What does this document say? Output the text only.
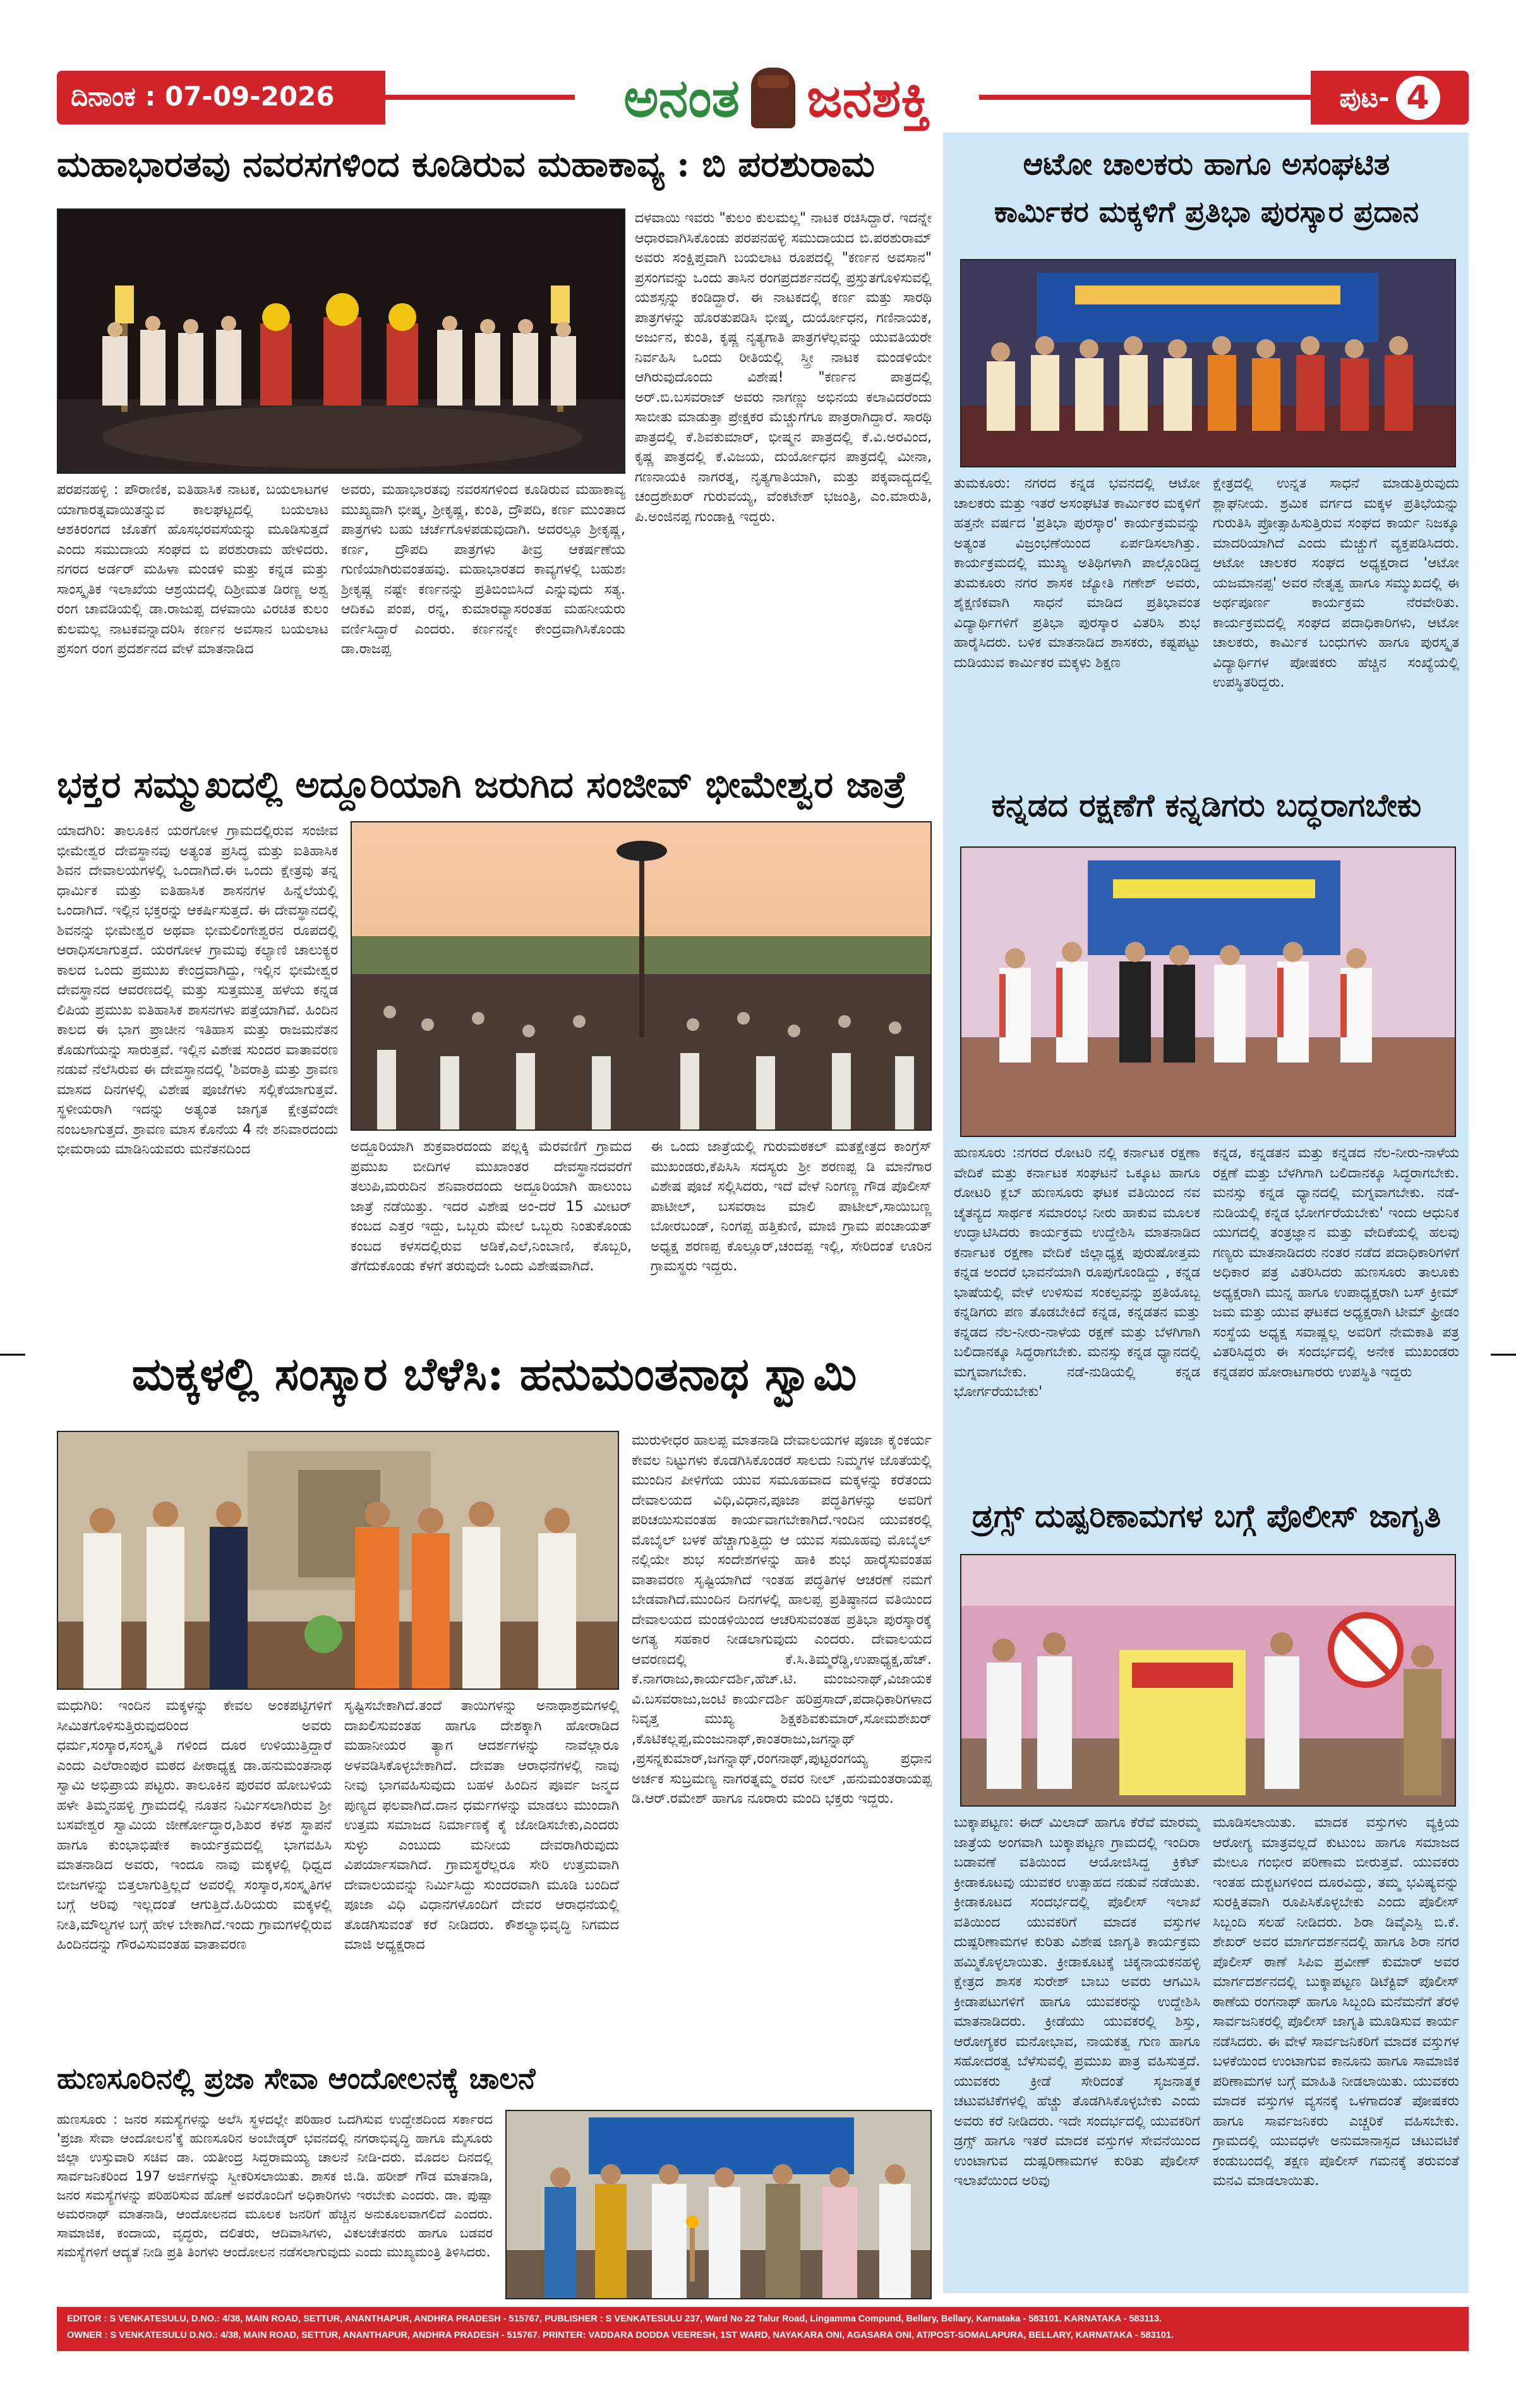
ದಿನಾಂಕ : 07-09-2026	ಅನಂತ ಜನಶಕ್ತಿ	ಪುಟ- 4
ಮಹಾಭಾರತವು ನವರಸಗಳಿಂದ ಕೂಡಿರುವ ಮಹಾಕಾವ್ಯ : ಬಿ ಪರಶುರಾಮ
ಪರಪನಹಳ್ಳಿ : ಪೌರಾಣಿಕ, ಐತಿಹಾಸಿಕ ನಾಟಕ, ಬಯಲಾಟಗಳ ಯಾಗಾರತ್ನವಾಯಿತನ್ನುವ ಕಾಲಘಟ್ಟದಲ್ಲಿ ಬಯಲಾಟ ಆಶಕಿರಂಗದ ಜೊತೆಗೆ ಹೊಸಭರವಸೆಯನ್ನು ಮೂಡಿಸುತ್ತದೆ ಎಂದು ಸಮುದಾಯ ಸಂಘದ ಬಿ ಪರಶುರಾಮ ಹೇಳಿದರು. ನಗರದ ಅರ್ಡರ್ ಮಹಿಳಾ ಮಂಡಳಿ ಮತ್ತು ಕನ್ನಡ ಮತ್ತು ಸಾಂಸ್ಕೃತಿಕ ಇಲಾಖೆಯ ಆಶ್ರಯದಲ್ಲಿ ದಿಶ್ರೀಮತ ಡಿರಣ್ಣ ಅಶ್ವ ರಂಗ ಚಾವಡಿಯಲ್ಲಿ ಡಾ.ರಾಜುಪ್ಪ ದಳವಾಯಿ ವಿರಚಿತ ಕುಲಂ ಕುಲಮಲ್ಲ ನಾಟಕವನ್ನಾದರಿಸಿ ಕರ್ಣನ ಅವಸಾನ ಬಯಲಾಟ ಪ್ರಸಂಗ ರಂಗ ಪ್ರದರ್ಶನದ ವೇಳೆ ಮಾತನಾಡಿದ
ಅವರು, ಮಹಾಭಾರತವು ನವರಸಗಳಿಂದ ಕೂಡಿರುವ ಮಹಾಕಾವ್ಯ ಮುಖ್ಯವಾಗಿ ಭೀಷ್ಮ, ಶ್ರೀಕೃಷ್ಣ, ಕುಂತಿ, ದ್ರೌಪದಿ, ಕರ್ಣ ಮುಂತಾದ ಪಾತ್ರಗಳು ಬಹು ಚರ್ಚೆಗೊಳಪಡುವುದಾಗಿ. ಅದರಲ್ಲೂ ಶ್ರೀಕೃಷ್ಣ, ಕರ್ಣ, ದ್ರೌಪದಿ ಪಾತ್ರಗಳು ತೀವ್ರ ಆಕರ್ಷಣೆಯ ಗುಣಿಯಾಗಿರುವಂತಹವು. ಮಹಾಭಾರತದ ಕಾವ್ಯಗಳಲ್ಲಿ ಬಹುಶಃ ಶ್ರೀಕೃಷ್ಣ ನಷ್ಟೇ ಕರ್ಣನನ್ನು ಪ್ರತಿಬಿಂಬಿಸಿದೆ ಎನ್ನುವುದು ಸತ್ಯ. ಆದಿಕವಿ ಪಂಪ, ರನ್ನ, ಕುಮಾರವ್ಯಾಸರಂತಹ ಮಹನೀಯರು ವರ್ಣಿಸಿದ್ದಾರೆ ಎಂದರು. ಕರ್ಣನನ್ನೇ ಕೇಂದ್ರವಾಗಿಸಿಕೊಂಡು ಡಾ.ರಾಜಪ್ಪ
ದಳವಾಯಿ ಇವರು "ಕುಲಂ ಕುಲಮಲ್ಲ" ನಾಟಕ ರಚಿಸಿದ್ದಾರೆ. ಇದನ್ನೇ ಆಧಾರವಾಗಿಸಿಕೊಂಡು ಪರಪನಹಳ್ಳಿ ಸಮುದಾಯದ ಬಿ.ಪರಶುರಾಮ್ ಅವರು ಸಂಕ್ಷಿಪ್ತವಾಗಿ ಬಯಲಾಟ ರೂಪದಲ್ಲಿ "ಕರ್ಣನ ಅವಸಾನ" ಪ್ರಸಂಗವನ್ನು ಒಂದು ತಾಸಿನ ರಂಗಪ್ರದರ್ಶನದಲ್ಲಿ ಪ್ರಸ್ತುತಗೊಳಿಸುವಲ್ಲಿ ಯಶಸ್ಸನ್ನು ಕಂಡಿದ್ದಾರೆ. ಈ ನಾಟಕದಲ್ಲಿ ಕರ್ಣ ಮತ್ತು ಸಾರಥಿ ಪಾತ್ರಗಳನ್ನು ಹೊರತುಪಡಿಸಿ ಭೀಷ್ಮ, ದುರ್ಯೋಧನ, ಗಣಿನಾಯಕ, ಅರ್ಜುನ, ಕುಂತಿ, ಕೃಷ್ಣ ನೃತ್ಯಗಾತಿ ಪಾತ್ರಗಳೆಲ್ಲವನ್ನು ಯುವತಿಯರೇ ನಿರ್ವಹಿಸಿ ಒಂದು ರೀತಿಯಲ್ಲಿ ಸ್ತ್ರೀ ನಾಟಕ ಮಂಡಳಿಯೇ ಆಗಿರುವುದೊಂದು ವಿಶೇಷ! "ಕರ್ಣನ ಪಾತ್ರದಲ್ಲಿ ಅರ್.ಬಿ.ಬಸವರಾಜ್ ಅವರು ನಾಗಣ್ಣು ಅಭಿನಯ ಕಲಾವಿದರೆಂದು ಸಾಬೀತು ಮಾಡುತ್ತಾ ಪ್ರೇಕ್ಷಕರ ಮೆಚ್ಚುಗೆಗೂ ಪಾತ್ರರಾಗಿದ್ದಾರೆ. ಸಾರಥಿ ಪಾತ್ರದಲ್ಲಿ ಕೆ.ಶಿವಕುಮಾರ್, ಭೀಷ್ಮನ ಪಾತ್ರದಲ್ಲಿ ಕೆ.ವಿ.ಅರವಿಂದ, ಕೃಷ್ಣ ಪಾತ್ರದಲ್ಲಿ ಕೆ.ವಿಜಯ, ದುರ್ಯೋಧನ ಪಾತ್ರದಲ್ಲಿ ಮೀನಾ, ಗಣನಾಯಕಿ ನಾಗರತ್ನ, ನೃತ್ಯಗಾತಿಯಾಗಿ, ಮತ್ತು ಪಕ್ಕವಾದ್ಯದಲ್ಲಿ ಚಂದ್ರಶೇಖರ್ ಗುರುವಯ್ಯ, ವೆಂಕಟೇಶ್ ಭಜಂತ್ರಿ, ಎಂ.ಮಾರುತಿ, ಪಿ.ಅಂಜಿನಪ್ಪ ಗುಂಡಾಕ್ಷಿ ಇದ್ದರು.
ಆಟೋ ಚಾಲಕರು ಹಾಗೂ ಅಸಂಘಟಿತ
ಕಾರ್ಮಿಕರ ಮಕ್ಕಳಿಗೆ ಪ್ರತಿಭಾ ಪುರಸ್ಕಾರ ಪ್ರದಾನ
ತುಮಕೂರು: ನಗರದ ಕನ್ನಡ ಭವನದಲ್ಲಿ ಆಟೋ ಚಾಲಕರು ಮತ್ತು ಇತರೆ ಅಸಂಘಟಿತ ಕಾರ್ಮಿಕರ ಮಕ್ಕಳಿಗೆ ಹತ್ತನೇ ವರ್ಷದ 'ಪ್ರತಿಭಾ ಪುರಸ್ಕಾರ' ಕಾರ್ಯಕ್ರಮವನ್ನು ಅತ್ಯಂತ ವಿಜ್ರಂಭಣೆಯಿಂದ ಏರ್ಪಡಿಸಲಾಗಿತ್ತು. ಕಾರ್ಯಕ್ರಮದಲ್ಲಿ ಮುಖ್ಯ ಅತಿಥಿಗಳಾಗಿ ಪಾಲ್ಗೊಂಡಿದ್ದ ತುಮಕೂರು ನಗರ ಶಾಸಕ ಜ್ಯೋತಿ ಗಣೇಶ್ ಅವರು, ಶೈಕ್ಷಣಿಕವಾಗಿ ಸಾಧನೆ ಮಾಡಿದ ಪ್ರತಿಭಾವಂತ ವಿದ್ಯಾರ್ಥಿಗಳಿಗೆ ಪ್ರತಿಭಾ ಪುರಸ್ಕಾರ ವಿತರಿಸಿ ಶುಭ ಹಾರೈಸಿದರು. ಬಳಿಕ ಮಾತನಾಡಿದ ಶಾಸಕರು, ಕಷ್ಟಪಟ್ಟು ದುಡಿಯುವ ಕಾರ್ಮಿಕರ ಮಕ್ಕಳು ಶಿಕ್ಷಣ
ಕ್ಷೇತ್ರದಲ್ಲಿ ಉನ್ನತ ಸಾಧನೆ ಮಾಡುತ್ತಿರುವುದು ಶ್ಲಾಘನೀಯ. ಶ್ರಮಿಕ ವರ್ಗದ ಮಕ್ಕಳ ಪ್ರತಿಭೆಯನ್ನು ಗುರುತಿಸಿ ಪ್ರೋತ್ಸಾಹಿಸುತ್ತಿರುವ ಸಂಘದ ಕಾರ್ಯ ನಿಜಕ್ಕೂ ಮಾದರಿಯಾಗಿದೆ ಎಂದು ಮೆಚ್ಚುಗೆ ವ್ಯಕ್ತಪಡಿಸಿದರು. ಆಟೋ ಚಾಲಕರ ಸಂಘದ ಅಧ್ಯಕ್ಷರಾದ 'ಆಟೋ ಯಜಮಾನಪ್ಪ' ಅವರ ನೇತೃತ್ವ ಹಾಗೂ ಸಮ್ಮುಖದಲ್ಲಿ ಈ ಅರ್ಥಪೂರ್ಣ ಕಾರ್ಯಕ್ರಮ ನೆರವೇರಿತು. ಕಾರ್ಯಕ್ರಮದಲ್ಲಿ ಸಂಘದ ಪದಾಧಿಕಾರಿಗಳು, ಆಟೋ ಚಾಲಕರು, ಕಾರ್ಮಿಕ ಬಂಧುಗಳು ಹಾಗೂ ಪುರಸ್ಕೃತ ವಿದ್ಯಾರ್ಥಿಗಳ ಪೋಷಕರು ಹೆಚ್ಚಿನ ಸಂಖ್ಯೆಯಲ್ಲಿ ಉಪಸ್ಥಿತರಿದ್ದರು.
ಭಕ್ತರ ಸಮ್ಮುಖದಲ್ಲಿ ಅದ್ದೂರಿಯಾಗಿ ಜರುಗಿದ ಸಂಜೀವ್ ಭೀಮೇಶ್ವರ ಜಾತ್ರೆ
ಯಾದಗಿರಿ: ತಾಲೂಕಿನ ಯರಗೋಳ ಗ್ರಾಮದಲ್ಲಿರುವ ಸಂಜೀವ ಭೀಮೇಶ್ವರ ದೇವಸ್ಥಾನವು ಅತ್ಯಂತ ಪ್ರಸಿದ್ಧ ಮತ್ತು ಐತಿಹಾಸಿಕ ಶಿವನ ದೇವಾಲಯಗಳಲ್ಲಿ ಒಂದಾಗಿದೆ.ಈ ಒಂದು ಕ್ಷೇತ್ರವು ತನ್ನ ಧಾರ್ಮಿಕ ಮತ್ತು ಐತಿಹಾಸಿಕ ಶಾಸನಗಳ ಹಿನ್ನೆಲೆಯಲ್ಲಿ ಒಂದಾಗಿದೆ. ಇಲ್ಲಿನ ಭಕ್ತರನ್ನು ಆಕರ್ಷಿಸುತ್ತದೆ. ಈ ದೇವಸ್ಥಾನದಲ್ಲಿ ಶಿವನನ್ನು ಭೀಮೇಶ್ವರ ಅಥವಾ ಭೀಮಲಿಂಗೇಶ್ವರನ ರೂಪದಲ್ಲಿ ಆರಾಧಿಸಲಾಗುತ್ತದೆ. ಯರಗೋಳ ಗ್ರಾಮವು ಕಲ್ಯಾಣಿ ಚಾಲುಕ್ಯರ ಕಾಲದ ಒಂದು ಪ್ರಮುಖ ಕೇಂದ್ರವಾಗಿದ್ದು, ಇಲ್ಲಿನ ಭೀಮೇಶ್ವರ ದೇವಸ್ಥಾನದ ಆವರಣದಲ್ಲಿ ಮತ್ತು ಸುತ್ತಮುತ್ತ ಹಳೆಯ ಕನ್ನಡ ಲಿಪಿಯ ಪ್ರಮುಖ ಐತಿಹಾಸಿಕ ಶಾಸನಗಳು ಪತ್ತೆಯಾಗಿವೆ. ಹಿಂದಿನ ಕಾಲದ ಈ ಭಾಗ ಪ್ರಾಚೀನ ಇತಿಹಾಸ ಮತ್ತು ರಾಜಮನೆತನ ಕೊಡುಗೆಯನ್ನು ಸಾರುತ್ತವೆ. ಇಲ್ಲಿನ ವಿಶೇಷ ಸುಂದರ ವಾತಾವರಣ ನಡುವೆ ನೆಲೆಸಿರುವ ಈ ದೇವಸ್ಥಾನದಲ್ಲಿ 'ಶಿವರಾತ್ರಿ ಮತ್ತು ಶ್ರಾವಣ ಮಾಸದ ದಿನಗಳಲ್ಲಿ ವಿಶೇಷ ಪೂಜೆಗಳು ಸಲ್ಲಿಕೆಯಾಗುತ್ತವೆ. ಸ್ಥಳೀಯರಾಗಿ ಇದನ್ನು ಅತ್ಯಂತ ಜಾಗೃತ ಕ್ಷೇತ್ರವೆಂದೇ ನಂಬಲಾಗುತ್ತದೆ. ಶ್ರಾವಣ ಮಾಸ ಕೊನೆಯ 4 ನೇ ಶನಿವಾರದಂದು ಭೀಮರಾಯ ಮಾಡಿನಿಯವರು ಮನೆತನದಿಂದ	ಅದ್ದೂರಿಯಾಗಿ ಶುಕ್ರವಾರದಂದು ಪಲ್ಲಕ್ಕಿ ಮೆರವಣಿಗೆ ಗ್ರಾಮದ ಪ್ರಮುಖ ಬೀದಿಗಳ ಮುಖಾಂತರ ದೇವಸ್ಥಾನದವರೆಗೆ ತಲುಪಿ,ಮರುದಿನ ಶನಿವಾರದಂದು ಅದ್ದೂರಿಯಾಗಿ ಹಾಲುಂಬ ಜಾತ್ರೆ ನಡೆಯಿತ್ತು. ಇದರ ವಿಶೇಷ ಅಂ-ದರೆ 15 ಮೀಟರ್ ಕಂಬದ ಎತ್ತರ ಇದ್ದು, ಒಬ್ಬರು ಮೇಲೆ ಒಬ್ಬರು ನಿಂತುಕೊಂಡು ಕಂಬದ ಕಳಸದಲ್ಲಿರುವ ಅಡಿಕೆ,ಎಲೆ,ನಿಂಬಾಣಿ, ಕೊಬ್ಬರಿ, ತೆಗೆದುಕೊಂಡು ಕೆಳಗೆ ತರುವುದೇ ಒಂದು ವಿಶೇಷವಾಗಿದೆ.
ಈ ಒಂದು ಜಾತ್ರೆಯಲ್ಲಿ ಗುರುಮಠಕಲ್ ಮತಕ್ಷೇತ್ರದ ಕಾಂಗ್ರೆಸ್ ಮುಖಂಡರು,ಕೆಪಿಸಿಸಿ ಸದಸ್ಯರು ಶ್ರೀ ಶರಣಪ್ಪ ಡಿ ಮಾನೆಗಾರ ವಿಶೇಷ ಪೂಜೆ ಸಲ್ಲಿಸಿದರು, ಇದೆ ವೇಳೆ ನಿಂಗಣ್ಣ ಗೌಡ ಪೊಲೀಸ್ ಪಾಟೀಲ್, ಬಸವರಾಜ ಮಾಲಿ ಪಾಟೀಲ್,ಸಾಯಿಬಣ್ಣ ಬೋರಬಂಡ್, ನಿಂಗಪ್ಪ ಹತ್ತಿಕುಣಿ, ಮಾಜಿ ಗ್ರಾಮ ಪಂಚಾಯತ್ ಅಧ್ಯಕ್ಷ ಶರಣಪ್ಪ ಕೊಲ್ಲೂರ್,ಚಂದಪ್ಪ ಇಲ್ಲಿ, ಸೇರಿದಂತೆ ಊರಿನ ಗ್ರಾಮಸ್ಥರು ಇದ್ದರು.
ಕನ್ನಡದ ರಕ್ಷಣೆಗೆ ಕನ್ನಡಿಗರು ಬದ್ಧರಾಗಬೇಕು
ಹುಣಸೂರು :ನಗರದ ರೋಟರಿ ನಲ್ಲಿ ಕರ್ನಾಟಕ ರಕ್ಷಣಾ ವೇದಿಕೆ ಮತ್ತು ಕರ್ನಾಟಕ ಸಂಘಟನೆ ಒಕ್ಕೂಟ ಹಾಗೂ ರೋಟರಿ ಕ್ಲಬ್ ಹುಣಸೂರು ಘಟಕ ವತಿಯಿಂದ ನವ ಚೈತನ್ಯದ ಸಾರ್ಥಕ ಸಮಾರಂಭ ನೀರು ಹಾಕುವ ಮೂಲಕ ಉದ್ಘಾಟಿಸಿದರು ಕಾರ್ಯಕ್ರಮ ಉದ್ದೇಶಿಸಿ ಮಾತನಾಡಿದ ಕರ್ನಾಟಕ ರಕ್ಷಣಾ ವೇದಿಕೆ ಜಿಲ್ಲಾಧ್ಯಕ್ಷ ಪುರುಷೋತ್ತಮ ಕನ್ನಡ ಅಂದರೆ ಭಾವನೆಯಾಗಿ ರೂಪುಗೊಂಡಿದ್ದು , ಕನ್ನಡ ಭಾಷೆಯಲ್ಲಿ ವೇಳೆ ಉಳಿಸುವ ಸಂಕಲ್ಪವನ್ನು ಪ್ರತಿಯೊಬ್ಬ ಕನ್ನಡಿಗರು ಪಣ ತೊಡಬೇಕಿದೆ ಕನ್ನಡ, ಕನ್ನಡತನ ಮತ್ತು ಕನ್ನಡದ ನೆಲ-ನೀರು-ನಾಳೆಯ ರಕ್ಷಣೆ ಮತ್ತು ಬೆಳಗಿಗಾಗಿ ಬಲಿದಾನಕ್ಕೂ ಸಿದ್ಧರಾಗಬೇಕು. ಮನಸ್ಸು ಕನ್ನಡ ಧ್ಯಾನದಲ್ಲಿ ಮಗ್ನವಾಗಬೇಕು. ನಡೆ-ನುಡಿಯಲ್ಲಿ ಕನ್ನಡ ಭೋರ್ಗರೆಯಬೇಕು'
ಕನ್ನಡ, ಕನ್ನಡತನ ಮತ್ತು ಕನ್ನಡದ ನೆಲ-ನೀರು-ನಾಳೆಯ ರಕ್ಷಣೆ ಮತ್ತು ಬೆಳಗಿಗಾಗಿ ಬಲಿದಾನಕ್ಕೂ ಸಿದ್ಧರಾಗಬೇಕು. ಮನಸ್ಸು ಕನ್ನಡ ಧ್ಯಾನದಲ್ಲಿ ಮಗ್ನವಾಗಬೇಕು. ನಡೆ-ನುಡಿಯಲ್ಲಿ ಕನ್ನಡ ಭೋರ್ಗರೆಯಬೇಕು' ಇಂದು ಆಧುನಿಕ ಯುಗದಲ್ಲಿ ತಂತ್ರಜ್ಞಾನ ಮತ್ತು ವೇದಿಕೆಯಲ್ಲಿ ಹಲವು ಗಣ್ಯರು ಮಾತನಾಡಿದರು ನಂತರ ನಡೆದ ಪದಾಧಿಕಾರಿಗಳಿಗೆ ಅಧಿಕಾರ ಪತ್ರ ವಿತರಿಸಿದರು ಹುಣಸೂರು ತಾಲೂಕು ಅಧ್ಯಕ್ಷರಾಗಿ ಮುನ್ನ ಹಾಗೂ ಉಪಾಧ್ಯಕ್ಷರಾಗಿ ಬಸ್ ಕ್ರೀಮ್ ಜಮ ಮತ್ತು ಯುವ ಘಟಕದ ಅಧ್ಯಕ್ಷರಾಗಿ ಟೀಮ್ ಫ್ರೀಡಂ ಸಂಸ್ಥೆಯ ಅಧ್ಯಕ್ಷ ಸವಾಷ್ಣಲ್ಲ ಅವರಿಗೆ ನೇಮಕಾತಿ ಪತ್ರ ವಿತರಿಸಿದ್ದರು ಈ ಸಂದರ್ಭದಲ್ಲಿ ಅನೇಕ ಮುಖಂಡರು ಕನ್ನಡಪರ ಹೋರಾಟಗಾರರು ಉಪಸ್ಥಿತಿ ಇದ್ದರು
ಮಕ್ಕಳಲ್ಲಿ ಸಂಸ್ಕಾರ ಬೆಳೆಸಿ: ಹನುಮಂತನಾಥ ಸ್ವಾಮಿ
ಮಧುಗಿರಿ: ಇಂದಿನ ಮಕ್ಕಳನ್ನು ಕೇವಲ ಅಂಕಪಟ್ಟಿಗಳಿಗೆ ಸೀಮಿತಗೊಳಿಸುತ್ತಿರುವುದರಿಂದ ಅವರು ಧರ್ಮ,ಸಂಸ್ಕಾರ,ಸಂಸ್ಕೃತಿ ಗಳಿಂದ ದೂರ ಉಳಿಯುತ್ತಿದ್ದಾರೆ ಎಂದು ಎಲೆರಾಂಪುರ ಮಠದ ಪೀಠಾಧ್ಯಕ್ಷ ಡಾ.ಹನುಮಂತನಾಥ ಸ್ವಾಮಿ ಅಭಿಪ್ರಾಯ ಪಟ್ಟರು. ತಾಲೂಕಿನ ಪುರವರ ಹೋಬಳಿಯ ಹಳೇ ತಿಮ್ಮನಹಳ್ಳಿ ಗ್ರಾಮದಲ್ಲಿ ನೂತನ ನಿರ್ಮಿಸಲಾಗಿರುವ ಶ್ರೀ ಬಸವೇಶ್ವರ ಸ್ವಾಮಿಯ ಜೀರ್ಣೋದ್ಧಾರ,ಶಿಖರ ಕಳಶ ಸ್ಥಾಪನೆ ಹಾಗೂ ಕುಂಭಾಭಿಷೇಕ ಕಾರ್ಯಕ್ರಮದಲ್ಲಿ ಭಾಗವಹಿಸಿ ಮಾತನಾಡಿದ ಅವರು, ಇಂದೂ ನಾವು ಮಕ್ಕಳಲ್ಲಿ ಧಿಧ್ವದ ಬೀಜಗಳನ್ನು ಬಿತ್ತಲಾಗುತ್ತಿಲ್ಲದೆ ಅವರಲ್ಲಿ ಸಂಸ್ಕಾರ,ಸಂಸ್ಕೃತಿಗಳ ಬಗ್ಗೆ ಅರಿವು ಇಲ್ಲದಂತೆ ಆಗುತ್ತಿದೆ.ಹಿರಿಯರು ಮಕ್ಕಳಲ್ಲಿ ನೀತಿ,ಮೌಲ್ಯಗಳ ಬಗ್ಗೆ ಹೇಳ ಬೇಕಾಗಿದೆ.ಇಂದು ಗ್ರಾಮಗಳಲ್ಲಿರುವ ಹಿಂದಿನದನ್ನು ಗೌರವಿಸುವಂತಹ ವಾತಾವರಣ
ಸೃಷ್ಟಿಸಬೇಕಾಗಿದೆ.ತಂದೆ ತಾಯಿಗಳನ್ನು ಅನಾಥಾಶ್ರಮಗಳಲ್ಲಿ ದಾಖಲಿಸುವಂತಹ ಹಾಗೂ ದೇಶಕ್ಕಾಗಿ ಹೋರಾಡಿದ ಮಹಾನೀಯರ ತ್ಯಾಗ ಆದರ್ಶಗಳನ್ನು ನಾವೆಲ್ಲಾರೂ ಅಳವಡಿಸಿಕೊಳ್ಳಬೇಕಾಗಿದೆ. ದೇವತಾ ಆರಾಧನೆಗಳಲ್ಲಿ ನಾವು ನೀವು ಭಾಗವಹಿಸುವುದು ಬಹಳ ಹಿಂದಿನ ಪೂರ್ವ ಜನ್ಮದ ಪುಣ್ಯದ ಫಲವಾಗಿದೆ.ದಾನ ಧರ್ಮಗಳನ್ನು ಮಾಡಲು ಮುಂದಾಗಿ ಉತ್ತಮ ಸಮಾಜದ ನಿರ್ಮಾಣಕ್ಕೆ ಕೈ ಜೋಡಿಸಬೇಕು,ಎಂದರು ಸುಳ್ಳು ಎಂಬುದು ಮನೀಯ ದೇವರಾಗಿರುವುದು ವಿಪರ್ಯಾಸವಾಗಿದೆ. ಗ್ರಾಮಸ್ಥರೆಲ್ಲರೂ ಸೇರಿ ಉತ್ತಮವಾಗಿ ದೇವಾಲಯವನ್ನು ನಿರ್ಮಿಸಿದ್ದು ಸುಂದರವಾಗಿ ಮೂಡಿ ಬಂದಿದೆ ಪೂಜಾ ವಿಧಿ ವಿಧಾನಗಳೊಂದಿಗೆ ದೇವರ ಆರಾಧನೆಯಲ್ಲಿ ತೊಡಗಿಸುವಂತೆ ಕರೆ ನೀಡಿದರು. ಕೌಶಲ್ಯಾಭಿವೃದ್ಧಿ ನಿಗಮದ ಮಾಜಿ ಅಧ್ಯಕ್ಷರಾದ
ಮುರುಳೀಧರ ಹಾಲಪ್ಪ ಮಾತನಾಡಿ ದೇವಾಲಯಗಳ ಪೂಜಾ ಕೈಂಕರ್ಯ ಕೇವಲ ನಿಟ್ಟುಗಳು ಕೊಡಗಿಸಿಕೊಂಡರೆ ಸಾಲದು ನಿಮ್ಮಗಳ ಜೊತೆಯಲ್ಲಿ ಮುಂದಿನ ಪೀಳಿಗೆಯ ಯುವ ಸಮೂಹವಾದ ಮಕ್ಕಳನ್ನು ಕರೆತಂದು ದೇವಾಲಯದ ವಿಧಿ,ವಿಧಾನ,ಪೂಜಾ ಪದ್ಧತಿಗಳನ್ನು ಅವರಿಗೆ ಪರಿಚಯಿಸುವಂತಹ ಕಾರ್ಯವಾಗಬೇಕಾಗಿದೆ.ಇಂದಿನ ಯುವಕರಲ್ಲಿ ಮೊಬೈಲ್ ಬಳಕೆ ಹೆಚ್ಚಾಗುತ್ತಿದ್ದು ಆ ಯುವ ಸಮೂಹವು ಮೊಬೈಲ್ ನಲ್ಲಿಯೇ ಶುಭ ಸಂದೇಶಗಳನ್ನು ಹಾಕಿ ಶುಭ ಹಾರೈಸುವಂತಹ ವಾತಾವರಣ ಸೃಷ್ಟಿಯಾಗಿದೆ ಇಂತಹ ಪದ್ಧತಿಗಳ ಆಚರಣೆ ನಮಗೆ ಬೇಡವಾಗಿದೆ.ಮುಂದಿನ ದಿನಗಳಲ್ಲಿ ಹಾಲಪ್ಪ ಪ್ರತಿಷ್ಠಾನದ ವತಿಯಿಂದ ದೇವಾಲಯದ ಮಂಡಳಿಯಿಂದ ಆಚರಿಸುವಂತಹ ಪ್ರತಿಭಾ ಪುರಸ್ಕಾರಕ್ಕೆ ಅಗತ್ಯ ಸಹಕಾರ ನೀಡಲಾಗುವುದು ಎಂದರು. ದೇವಾಲಯದ ಆವರಣದಲ್ಲಿ ಕೆ.ಸಿ.ತಿಮ್ಮರೆಡ್ಡಿ,ಉಪಾಧ್ಯಕ್ಷ,ಹೆಚ್. ಕೆ.ನಾಗರಾಜು,ಕಾರ್ಯದರ್ಶಿ,ಹೆಚ್.ಟಿ. ಮಂಜುನಾಥ್,ವಿಜಾಯಕ ವಿ.ಬಸವರಾಜು,ಜಂಟಿ ಕಾರ್ಯದರ್ಶಿ ಹರಿಪ್ರಸಾದ್,ಪದಾಧಿಕಾರಿಗಳಾದ ನಿವೃತ್ತ ಮುಖ್ಯ ಶಿಕ್ಷಕಶಿವಕುಮಾರ್,ಸೋಮಶೇಖರ್ ,ಕೊಟಿಕಲ್ಲಪ್ಪ,ಮಂಜುನಾಥ್,ಕಾಂತರಾಜು,ಜಗನ್ನಾಥ್ ,ಪ್ರಸನ್ನಕುಮಾರ್,ಜಗನ್ನಾಥ್,ರಂಗನಾಥ್,ಪುಟ್ಟರಂಗಯ್ಯ ಪ್ರಧಾನ ಅರ್ಚಕ ಸುಬ್ರಮಣ್ಯ ನಾಗರತ್ನಮ್ಮ ರವರ ನೀಲ್ ,ಹನುಮಂತರಾಯಪ್ಪ ಡಿ.ಆರ್.ರಮೇಶ್ ಹಾಗೂ ನೂರಾರು ಮಂದಿ ಭಕ್ತರು ಇದ್ದರು.
ಡ್ರಗ್ಸ್ ದುಷ್ಪರಿಣಾಮಗಳ ಬಗ್ಗೆ ಪೊಲೀಸ್ ಜಾಗೃತಿ
ಬುಕ್ಕಾಪಟ್ಟಣ: ಈದ್ ಮಿಲಾದ್ ಹಾಗೂ ಕೆರೆವೆ ಮಾರಮ್ಮ ಜಾತ್ರೆಯ ಅಂಗವಾಗಿ ಬುಕ್ಕಾಪಟ್ಟಣ ಗ್ರಾಮದಲ್ಲಿ ಇಂದಿರಾ ಬಡಾವಣೆ ವತಿಯಿಂದ ಆಯೋಜಿಸಿದ್ದ ಕ್ರಿಕೆಟ್ ಕ್ರೀಡಾಕೂಟವು ಯುವಕರ ಉತ್ಸಾಹದ ನಡುವೆ ನಡೆಯಿತು. ಕ್ರೀಡಾಕೂಟದ ಸಂದರ್ಭದಲ್ಲಿ ಪೊಲೀಸ್ ಇಲಾಖೆ ವತಿಯಿಂದ ಯುವಕರಿಗೆ ಮಾದಕ ವಸ್ತುಗಳ ದುಷ್ಪರಿಣಾಮಗಳ ಕುರಿತು ವಿಶೇಷ ಜಾಗೃತಿ ಕಾರ್ಯಕ್ರಮ ಹಮ್ಮಿಕೊಳ್ಳಲಾಯಿತು. ಕ್ರೀಡಾಕೂಟಕ್ಕೆ ಚಿಕ್ಕನಾಯಕನಹಳ್ಳಿ ಕ್ಷೇತ್ರದ ಶಾಸಕ ಸುರೇಶ್ ಬಾಬು ಅವರು ಆಗಮಿಸಿ ಕ್ರೀಡಾಪಟುಗಳಿಗೆ ಹಾಗೂ ಯುವಕರನ್ನು ಉದ್ದೇಶಿಸಿ ಮಾತನಾಡಿದರು. ಕ್ರೀಡೆಯು ಯುವಕರಲ್ಲಿ ಶಿಸ್ತು, ಆರೋಗ್ಯಕರ ಮನೋಭಾವ, ನಾಯಕತ್ವ ಗುಣ ಹಾಗೂ ಸಹೋದರತ್ವ ಬೆಳೆಸುವಲ್ಲಿ ಪ್ರಮುಖ ಪಾತ್ರ ವಹಿಸುತ್ತದೆ. ಯುವಕರು ಕ್ರೀಡೆ ಸೇರಿದಂತೆ ಸೃಜನಾತ್ಮಕ ಚಟುವಟಿಕೆಗಳಲ್ಲಿ ಹೆಚ್ಚು ತೊಡಗಿಸಿಕೊಳ್ಳಬೇಕು ಎಂದು ಅವರು ಕರೆ ನೀಡಿದರು. ಇದೇ ಸಂದರ್ಭದಲ್ಲಿ ಯುವಕರಿಗೆ ಡ್ರಗ್ಸ್ ಹಾಗೂ ಇತರೆ ಮಾದಕ ವಸ್ತುಗಳ ಸೇವನೆಯಿಂದ ಉಂಟಾಗುವ ದುಷ್ಪರಿಣಾಮಗಳ ಕುರಿತು ಪೊಲೀಸ್ ಇಲಾಖೆಯಿಂದ ಅರಿವು
ಮೂಡಿಸಲಾಯಿತು. ಮಾದಕ ವಸ್ತುಗಳು ವ್ಯಕ್ತಿಯ ಆರೋಗ್ಯ ಮಾತ್ರವಲ್ಲದೆ ಕುಟುಂಬ ಹಾಗೂ ಸಮಾಜದ ಮೇಲೂ ಗಂಭೀರ ಪರಿಣಾಮ ಬೀರುತ್ತವೆ. ಯುವಕರು ಇಂತಹ ದುಶ್ಚಟಗಳಿಂದ ದೂರವಿದ್ದು, ತಮ್ಮ ಭವಿಷ್ಯವನ್ನು ಸುರಕ್ಷಿತವಾಗಿ ರೂಪಿಸಿಕೊಳ್ಳಬೇಕು ಎಂದು ಪೊಲೀಸ್ ಸಿಬ್ಬಂದಿ ಸಲಹೆ ನೀಡಿದರು. ಶಿರಾ ಡಿವೈಎಸ್ಪಿ ಬಿ.ಕೆ. ಶೇಖರ್ ಅವರ ಮಾರ್ಗದರ್ಶನದಲ್ಲಿ ಹಾಗೂ ಶಿರಾ ನಗರ ಪೊಲೀಸ್ ಠಾಣೆ ಸಿಪಿಐ ಪ್ರವೀಣ್ ಕುಮಾರ್ ಅವರ ಮಾರ್ಗದರ್ಶನದಲ್ಲಿ ಬುಕ್ಕಾಪಟ್ಟಣ ಡಿಟೆಕ್ಟಿವ್ ಪೊಲೀಸ್ ಠಾಣೆಯ ರಂಗನಾಥ್ ಹಾಗೂ ಸಿಬ್ಬಂದಿ ಮನೆಮನೆಗೆ ತೆರಳಿ ಸಾರ್ವಜನಿಕರಲ್ಲಿ ಪೊಲೀಸ್ ಜಾಗೃತಿ ಮೂಡಿಸುವ ಕಾರ್ಯ ನಡೆಸಿದರು. ಈ ವೇಳೆ ಸಾರ್ವಜನಿಕರಿಗೆ ಮಾದಕ ವಸ್ತುಗಳ ಬಳಕೆಯಿಂದ ಉಂಟಾಗುವ ಕಾನೂನು ಹಾಗೂ ಸಾಮಾಜಿಕ ಪರಿಣಾಮಗಳ ಬಗ್ಗೆ ಮಾಹಿತಿ ನೀಡಲಾಯಿತು. ಯುವಕರು ಮಾದಕ ವಸ್ತುಗಳ ವ್ಯಸನಕ್ಕೆ ಒಳಗಾದಂತೆ ಪೋಷಕರು ಹಾಗೂ ಸಾರ್ವಜನಿಕರು ಎಚ್ಚರಿಕೆ ವಹಿಸಬೇಕು. ಗ್ರಾಮದಲ್ಲಿ ಯುವಧಳೇ ಅನುಮಾನಾಸ್ಪದ ಚಟುವಟಿಕೆ ಕಂಡುಬಂದಲ್ಲಿ ತಕ್ಷಣ ಪೊಲೀಸ್ ಗಮನಕ್ಕೆ ತರುವಂತೆ ಮನವಿ ಮಾಡಲಾಯಿತು.
ಹುಣಸೂರಿನಲ್ಲಿ ಪ್ರಜಾ ಸೇವಾ ಆಂದೋಲನಕ್ಕೆ ಚಾಲನೆ
ಹುಣಸೂರು : ಜನರ ಸಮಸ್ಯೆಗಳನ್ನು ಅಲೆಸಿ ಸ್ಥಳದಲ್ಲೇ ಪರಿಹಾರ ಒದಗಿಸುವ ಉದ್ದೇಶದಿಂದ ಸರ್ಕಾರದ 'ಪ್ರಜಾ ಸೇವಾ ಆಂದೋಲನ'ಕ್ಕೆ ಹುಣಸೂರಿನ ಅಂಬೇಡ್ಕರ್ ಭವನದಲ್ಲಿ ನಗರಾಭಿವೃದ್ಧಿ ಹಾಗೂ ಮೈಸೂರು ಜಿಲ್ಲಾ ಉಸ್ತುವಾರಿ ಸಚಿವ ಡಾ. ಯತೀಂದ್ರ ಸಿದ್ದರಾಮಯ್ಯ ಚಾಲನೆ ನೀಡಿ-ದರು. ಮೊದಲ ದಿನದಲ್ಲಿ ಸಾರ್ವಜನಿಕರಿಂದ 197 ಅರ್ಜಿಗಳನ್ನು ಸ್ವೀಕರಿಸಲಾಯಿತು. ಶಾಸಕ ಜಿ.ಡಿ. ಹರೀಶ್ ಗೌಡ ಮಾತನಾಡಿ, ಜನರ ಸಮಸ್ಯೆಗಳನ್ನು ಪರಿಹರಿಸುವ ಹೊಣೆ ಅವರೊಂದಿಗೆ ಅಧಿಕಾರಿಗಳು ಇರಬೇಕು ಎಂದರು. ಡಾ. ಪುಷ್ಪಾ ಅಮರನಾಥ್ ಮಾತನಾಡಿ, ಆಂದೋಲನದ ಮೂಲಕ ಜನರಿಗೆ ಹೆಚ್ಚಿನ ಅನುಕೂಲವಾಗಲಿದೆ ಎಂದರು. ಸಾಮಾಜಿಕ, ಕಂದಾಯ, ವೃದ್ಧರು, ದಲಿತರು, ಆದಿವಾಸಿಗಳು, ವಿಕಲಚೇತನರು ಹಾಗೂ ಬಡವರ ಸಮಸ್ಯೆಗಳಿಗೆ ಆದ್ಯತೆ ನೀಡಿ ಪ್ರತಿ ತಿಂಗಳು ಆಂದೋಲನ ನಡೆಸಲಾಗುವುದು ಎಂದು ಮುಖ್ಯಮಂತ್ರಿ ತಿಳಿಸಿದರು.
EDITOR : S VENKATESULU, D.NO.: 4/38, MAIN ROAD, SETTUR, ANANTHAPUR, ANDHRA PRADESH - 515767, PUBLISHER : S VENKATESULU 237, Ward No 22 Talur Road, Lingamma Compund, Bellary, Bellary, Karnataka - 583101. KARNATAKA - 583113.
OWNER : S VENKATESULU D.NO.: 4/38, MAIN ROAD, SETTUR, ANANTHAPUR, ANDHRA PRADESH - 515767. PRINTER: VADDARA DODDA VEERESH, 1ST WARD, NAYAKARA ONI, AGASARA ONI, AT/POST-SOMALAPURA, BELLARY, KARNATAKA - 583101.
